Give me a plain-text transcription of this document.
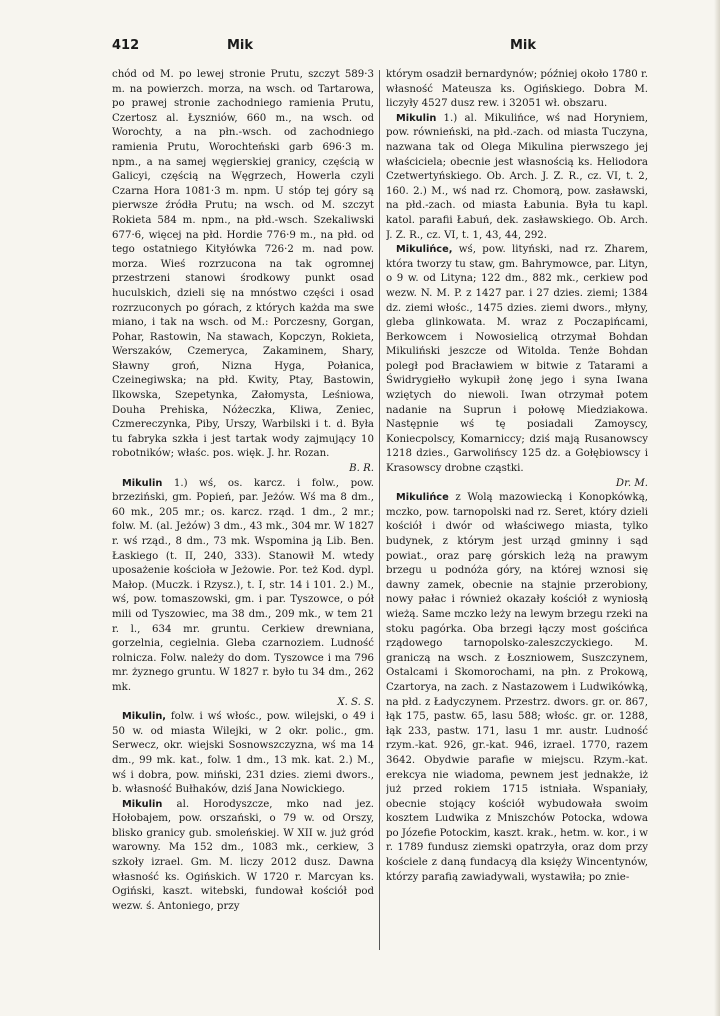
412	Mik	Mik

chód od M. po lewej stronie Prutu, szczyt 589·3 m. na powierzch. morza, na wsch. od Tartarowa, po prawej stronie zachodniego ramienia Prutu, Czertosz al. Łyszniów, 660 m., na wsch. od Worochty, a na płn.-wsch. od zachodniego ramienia Prutu, Worochteński garb 696·3 m. npm., a na samej węgierskiej granicy, częścią w Galicyi, częścią na Węgrzech, Howerla czyli Czarna Hora 1081·3 m. npm. U stóp tej góry są pierwsze źródła Prutu; na wsch. od M. szczyt Rokieta 584 m. npm., na płd.-wsch. Szekaliwski 677·6, więcej na płd. Hordie 776·9 m., na płd. od tego ostatniego Kityłówka 726·2 m. nad pow. morza. Wieś rozrzucona na tak ogromnej przestrzeni stanowi środkowy punkt osad huculskich, dzieli się na mnóstwo części i osad rozrzuconych po górach, z których każda ma swe miano, i tak na wsch. od M.: Porczesny, Gorgan, Pohar, Rastowin, Na stawach, Kopczyn, Rokieta, Werszaków, Czemeryca, Zakaminem, Shary, Sławny groń, Nizna Hyga, Połanica, Czeinegiwska; na płd. Kwity, Ptay, Bastowin, Ilkowska, Szepetynka, Załomysta, Leśniowa, Douha Prehiska, Nóżeczka, Kliwa, Zeniec, Czmereczynka, Piby, Urszy, Warbilski i t. d. Była tu fabryka szkła i jest tartak wody zajmujący 10 robotników; właśc. pos. więk. J. hr. Rozan.
B. R.

Mikulin 1.) wś, os. karcz. i folw., pow. brzeziński, gm. Popień, par. Jeżów. Wś ma 8 dm., 60 mk., 205 mr.; os. karcz. rząd. 1 dm., 2 mr.; folw. M. (al. Jeżów) 3 dm., 43 mk., 304 mr. W 1827 r. wś rząd., 8 dm., 73 mk. Wspomina ją Lib. Ben. Łaskiego (t. II, 240, 333). Stanowił M. wtedy uposażenie kościoła w Jeżowie. Por. też Kod. dypl. Małop. (Muczk. i Rzysz.), t. I, str. 14 i 101. 2.) M., wś, pow. tomaszowski, gm. i par. Tyszowce, o pół mili od Tyszowiec, ma 38 dm., 209 mk., w tem 21 r. l., 634 mr. gruntu. Cerkiew drewniana, gorzelnia, cegielnia. Gleba czarnoziem. Ludność rolnicza. Folw. należy do dom. Tyszowce i ma 796 mr. żyznego gruntu. W 1827 r. było tu 34 dm., 262 mk.
X. S. S.

Mikulin, folw. i wś włośc., pow. wilejski, o 49 i 50 w. od miasta Wilejki, w 2 okr. polic., gm. Serwecz, okr. wiejski Sosnowszczyzna, wś ma 14 dm., 99 mk. kat., folw. 1 dm., 13 mk. kat. 2.) M., wś i dobra, pow. miński, 231 dzies. ziemi dwors., b. własność Bułhaków, dziś Jana Nowickiego.

Mikulin al. Horodyszcze, mko nad jez. Hołobajem, pow. orszański, o 79 w. od Orszy, blisko granicy gub. smoleńskiej. W XII w. już gród warowny. Ma 152 dm., 1083 mk., cerkiew, 3 szkoły izrael. Gm. M. liczy 2012 dusz. Dawna własność ks. Ogińskich. W 1720 r. Marcyan ks. Ogiński, kaszt. witebski, fundował kościół pod wezw. ś. Antoniego, przy

którym osadził bernardynów; później około 1780 r. własność Mateusza ks. Ogińskiego. Dobra M. liczyły 4527 dusz rew. i 32051 wł. obszaru.

Mikulin 1.) al. Mikulińce, wś nad Horyniem, pow. równieński, na płd.-zach. od miasta Tuczyna, nazwana tak od Olega Mikulina pierwszego jej właściciela; obecnie jest własnością ks. Heliodora Czetwertyńskiego. Ob. Arch. J. Z. R., cz. VI, t. 2, 160. 2.) M., wś nad rz. Chomorą, pow. zasławski, na płd.-zach. od miasta Łabunia. Była tu kapl. katol. parafii Łabuń, dek. zasławskiego. Ob. Arch. J. Z. R., cz. VI, t. 1, 43, 44, 292.

Mikulińce, wś, pow. lityński, nad rz. Zharem, która tworzy tu staw, gm. Bahrymowce, par. Lityn, o 9 w. od Lityna; 122 dm., 882 mk., cerkiew pod wezw. N. M. P. z 1427 par. i 27 dzies. ziemi; 1384 dz. ziemi włośc., 1475 dzies. ziemi dwors., młyny, gleba glinkowata. M. wraz z Poczapińcami, Berkowcem i Nowosielicą otrzymał Bohdan Mikuliński jeszcze od Witolda. Tenże Bohdan poległ pod Bracławiem w bitwie z Tatarami a Świdrygiełło wykupił żonę jego i syna Iwana wziętych do niewoli. Iwan otrzymał potem nadanie na Suprun i połowę Miedziakowa. Następnie wś tę posiadali Zamoyscy, Koniecpolscy, Komarniccy; dziś mają Rusanowscy 1218 dzies., Garwolińscy 125 dz. a Gołębiowscy i Krasowscy drobne cząstki.
Dr. M.

Mikulińce z Wolą mazowiecką i Konopkówką, mczko, pow. tarnopolski nad rz. Seret, który dzieli kościół i dwór od właściwego miasta, tylko budynek, z którym jest urząd gminny i sąd powiat., oraz parę górskich leżą na prawym brzegu u podnóża góry, na której wznosi się dawny zamek, obecnie na stajnie przerobiony, nowy pałac i również okazały kościół z wyniosłą wieżą. Same mczko leży na lewym brzegu rzeki na stoku pagórka. Oba brzegi łączy most gościńca rządowego tarnopolsko-zaleszczyckiego. M. graniczą na wsch. z Łoszniowem, Suszczynem, Ostalcami i Skomorochami, na płn. z Prokową, Czartorya, na zach. z Nastazowem i Ludwikówką, na płd. z Ładyczynem. Przestrz. dwors. gr. or. 867, łąk 175, pastw. 65, lasu 588; włośc. gr. or. 1288, łąk 233, pastw. 171, lasu 1 mr. austr. Ludność rzym.-kat. 926, gr.-kat. 946, izrael. 1770, razem 3642. Obydwie parafie w miejscu. Rzym.-kat. erekcya nie wiadoma, pewnem jest jednakże, iż już przed rokiem 1715 istniała. Wspaniały, obecnie stojący kościół wybudowała swoim kosztem Ludwika z Mniszchów Potocka, wdowa po Józefie Potockim, kaszt. krak., hetm. w. kor., i w r. 1789 fundusz ziemski opatrzyła, oraz dom przy kościele z daną fundacyą dla księży Wincentynów, którzy parafią zawiadywali, wystawiła; po znie-
